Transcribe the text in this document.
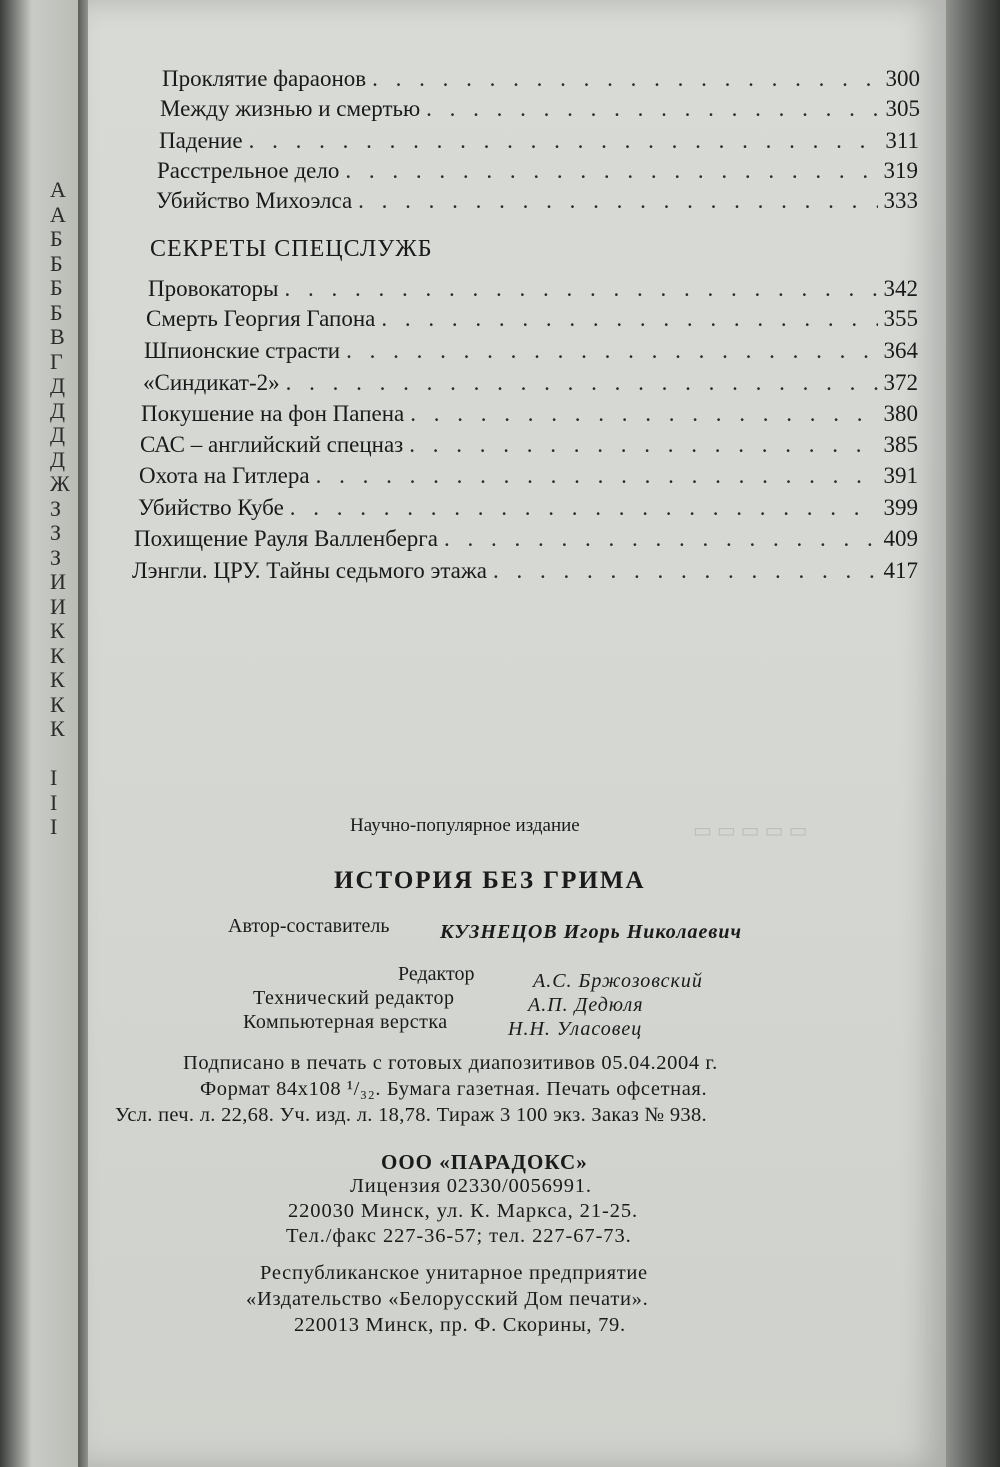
А
А
Б
Б
Б
Б
В
Г
Д
Д
Д
Д
Ж
З
З
З
И
И
К
К
К
К
К

I
I
I
Проклятие фараонов . . .	300
Между жизнью и смертью . . .	305
Падение . . .	311
Расстрельное дело . . .	319
Убийство Михоэлса . . .	333
СЕКРЕТЫ СПЕЦСЛУЖБ
Провокаторы . . .	342
Смерть Георгия Гапона . . .	355
Шпионские страсти . . .	364
«Синдикат-2» . . .	372
Покушение на фон Папена . . .	380
САС – английский спецназ . . .	385
Охота на Гитлера . . .	391
Убийство Кубе . . .	399
Похищение Рауля Валленберга . . .	409
Лэнгли. ЦРУ. Тайны седьмого этажа . . .	417
▭ ▭ ▭ ▭ ▭
Научно-популярное издание
ИСТОРИЯ БЕЗ ГРИМА
Автор-составитель	КУЗНЕЦОВ Игорь Николаевич
Редактор	А.С. Бржозовский
Технический редактор	А.П. Дедюля
Компьютерная верстка	Н.Н. Уласовец
Подписано в печать с готовых диапозитивов 05.04.2004 г.
Формат 84х108 ¹/₃₂. Бумага газетная. Печать офсетная.
Усл. печ. л. 22,68. Уч. изд. л. 18,78. Тираж 3 100 экз. Заказ № 938.
ООО «ПАРАДОКС»
Лицензия 02330/0056991.
220030 Минск, ул. К. Маркса, 21-25.
Тел./факс 227-36-57; тел. 227-67-73.
Республиканское унитарное предприятие
«Издательство «Белорусский Дом печати».
220013 Минск, пр. Ф. Скорины, 79.
